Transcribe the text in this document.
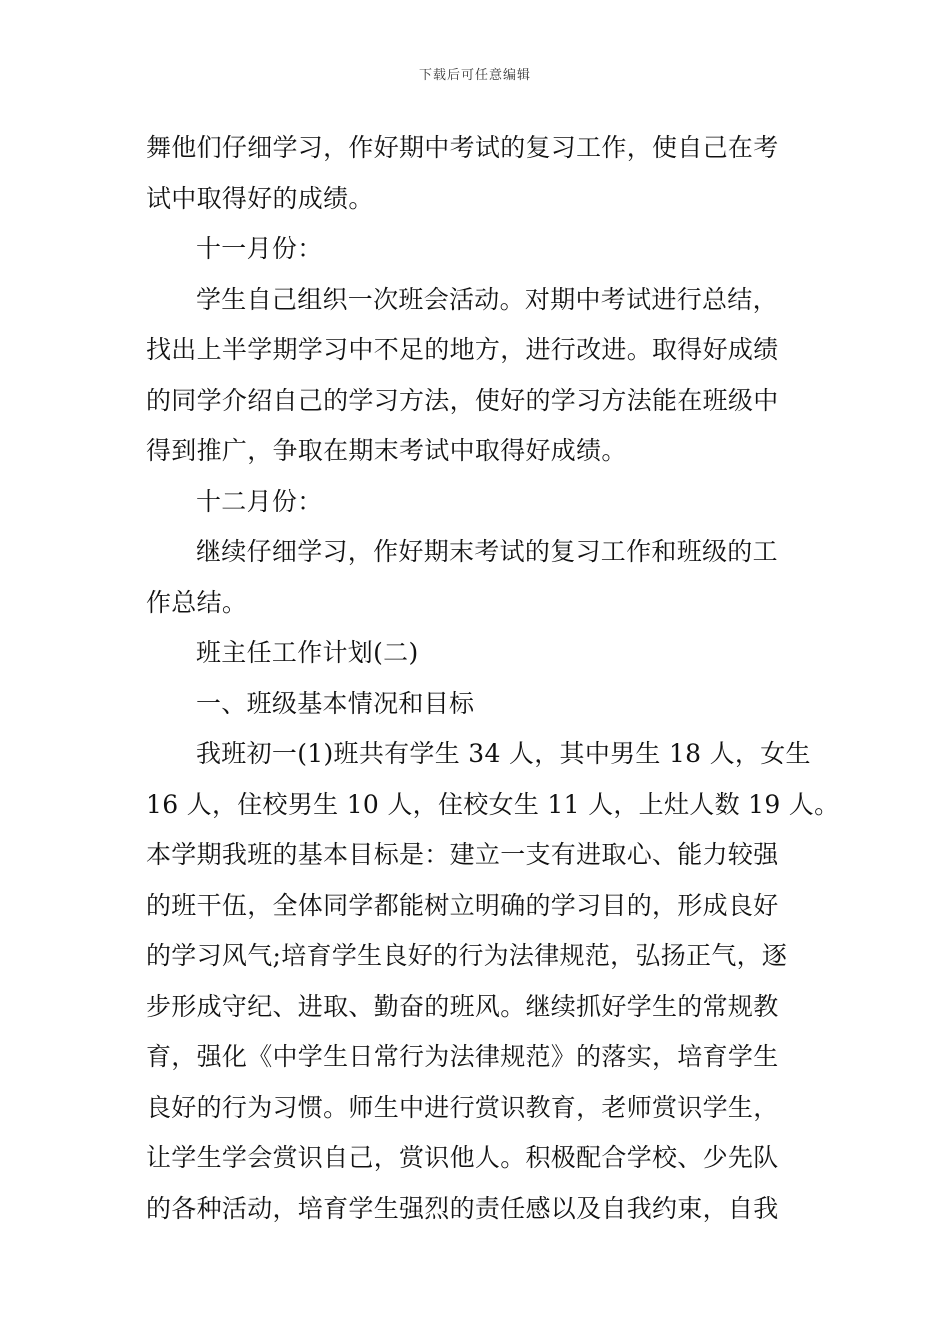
下载后可任意编辑
舞他们仔细学习，作好期中考试的复习工作，使自己在考
试中取得好的成绩。
十一月份：
学生自己组织一次班会活动。对期中考试进行总结，
找出上半学期学习中不足的地方，进行改进。取得好成绩
的同学介绍自己的学习方法，使好的学习方法能在班级中
得到推广，争取在期末考试中取得好成绩。
十二月份：
继续仔细学习，作好期末考试的复习工作和班级的工
作总结。
班主任工作计划(二)
一、班级基本情况和目标
我班初一(1)班共有学生 34 人，其中男生 18 人，女生
16 人，住校男生 10 人，住校女生 11 人，上灶人数 19 人。
本学期我班的基本目标是：建立一支有进取心、能力较强
的班干伍，全体同学都能树立明确的学习目的，形成良好
的学习风气;培育学生良好的行为法律规范，弘扬正气，逐
步形成守纪、进取、勤奋的班风。继续抓好学生的常规教
育，强化《中学生日常行为法律规范》的落实，培育学生
良好的行为习惯。师生中进行赏识教育，老师赏识学生，
让学生学会赏识自己，赏识他人。积极配合学校、少先队
的各种活动，培育学生强烈的责任感以及自我约束，自我
